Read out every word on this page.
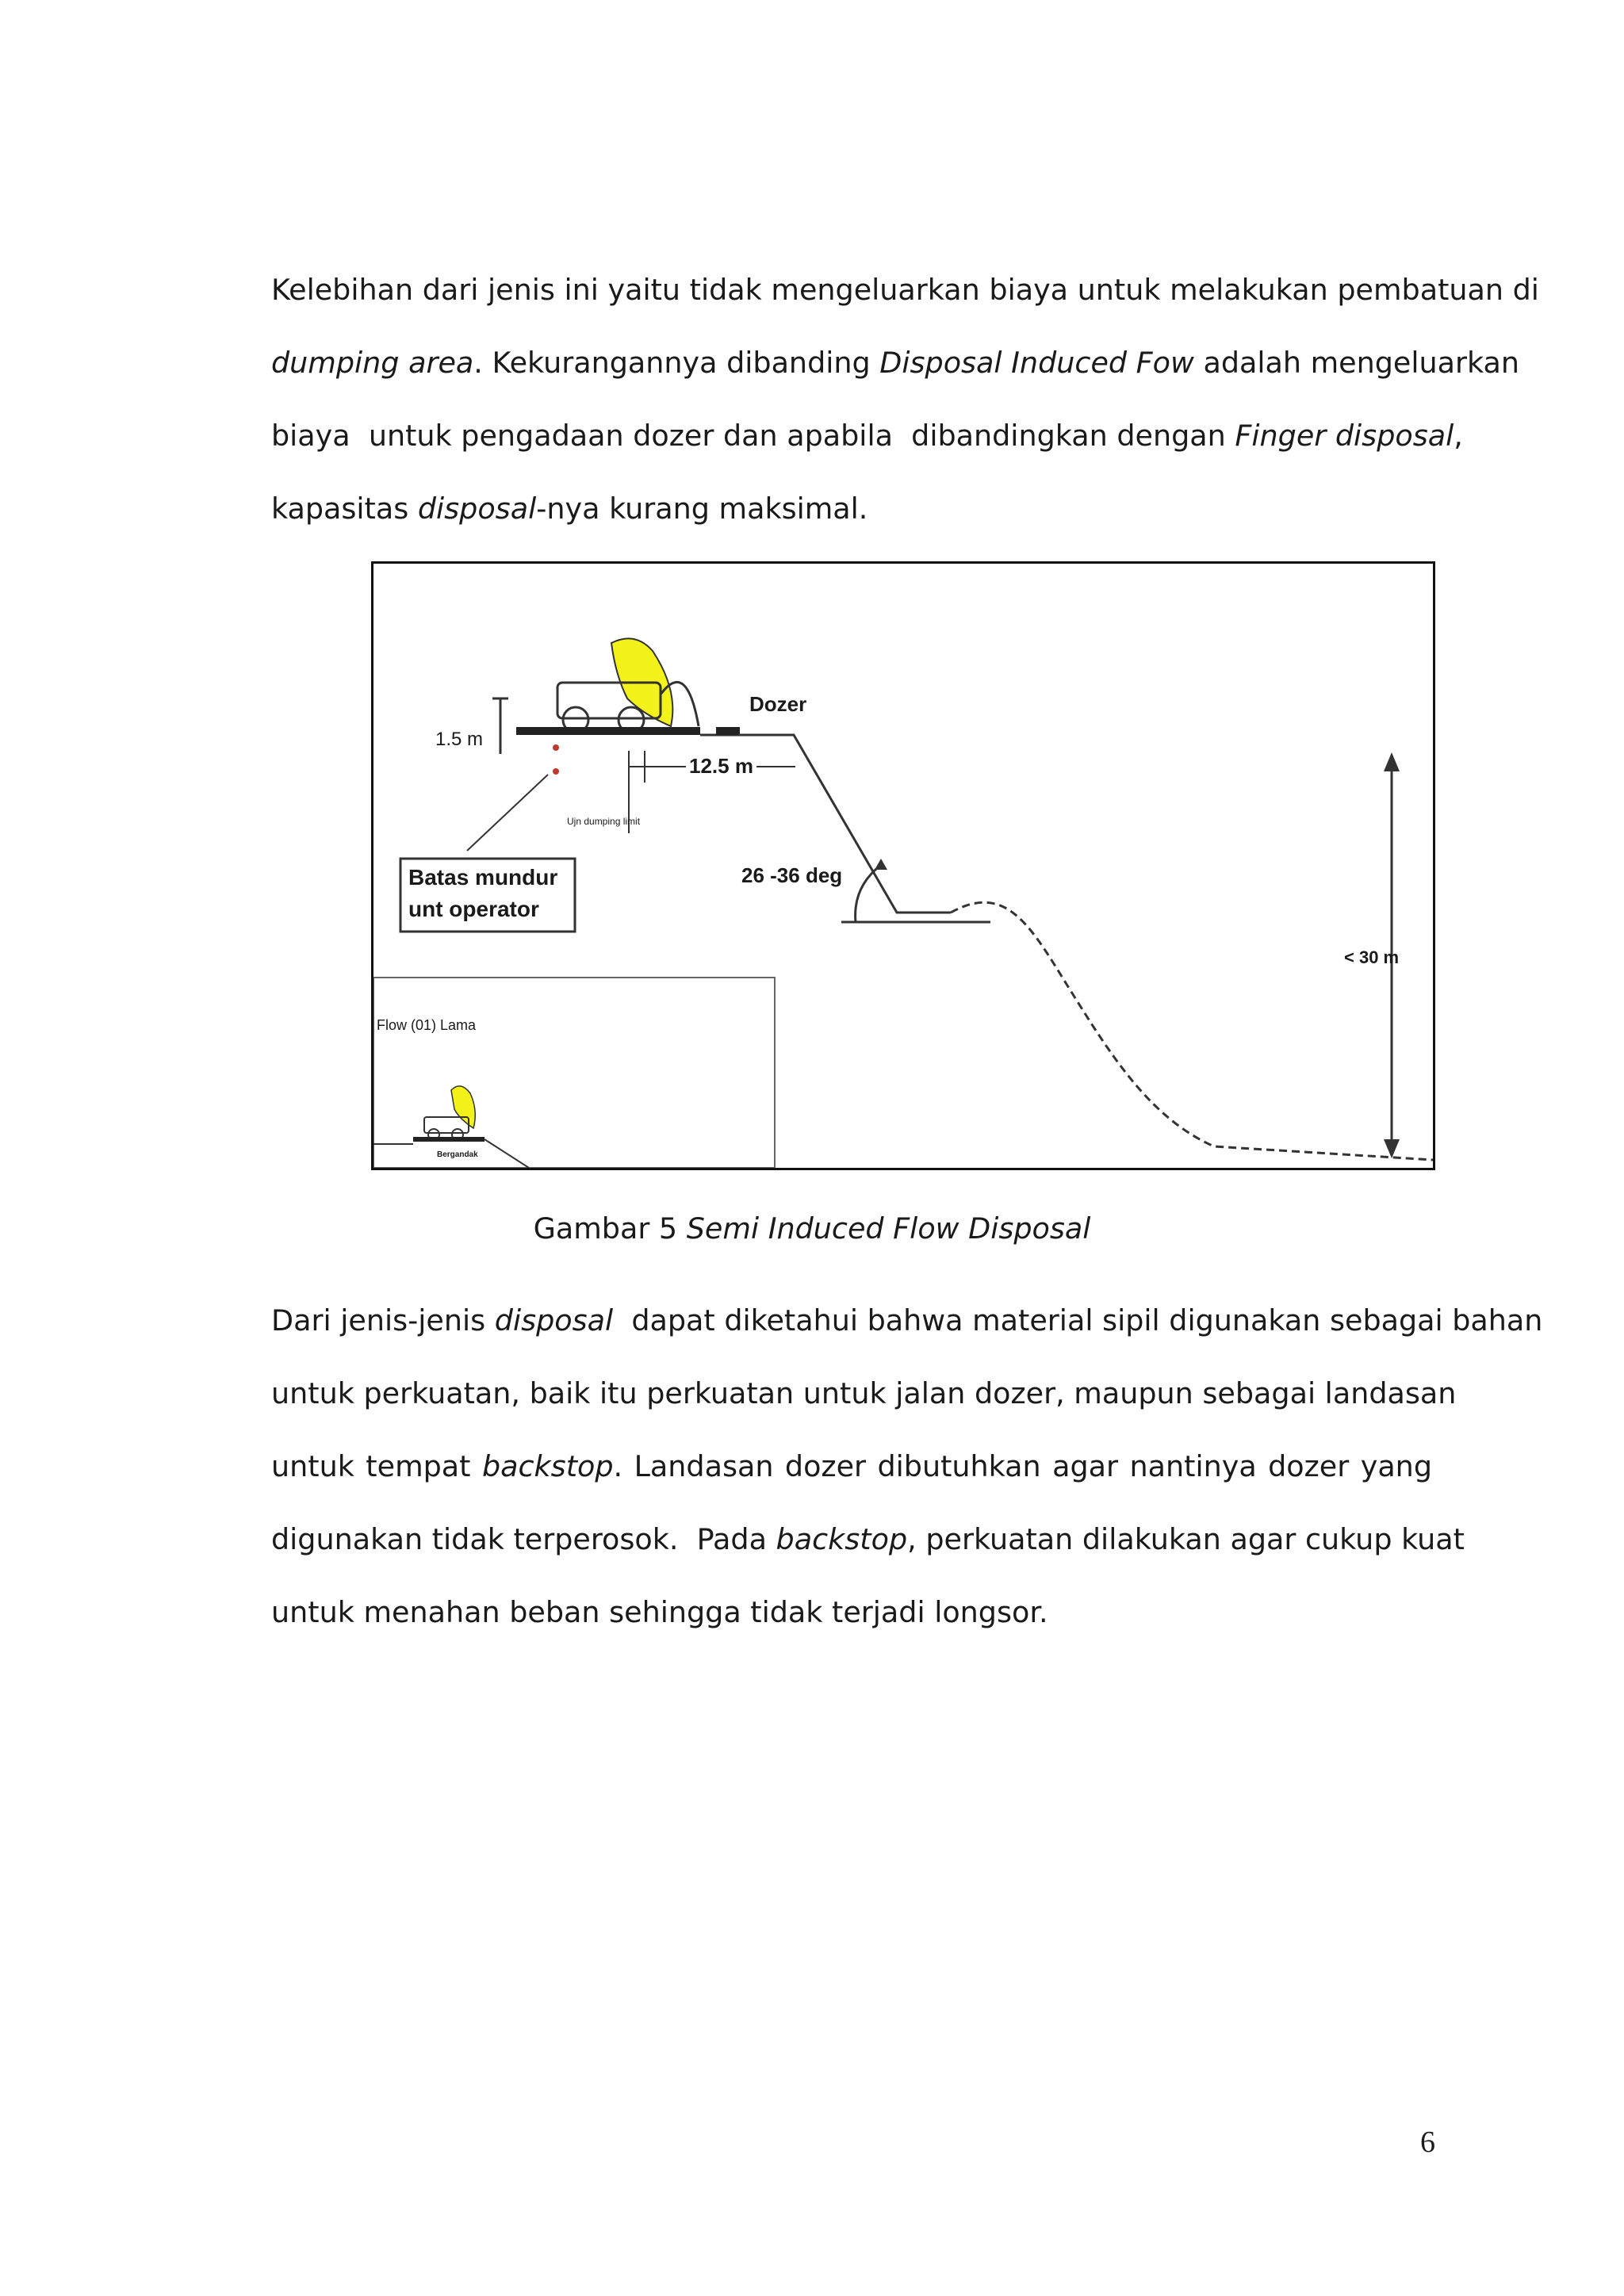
Kelebihan dari jenis ini yaitu tidak mengeluarkan biaya untuk melakukan pembatuan di
dumping area. Kekurangannya dibanding Disposal Induced Fow adalah mengeluarkan
biaya  untuk pengadaan dozer dan apabila  dibandingkan dengan Finger disposal,
kapasitas disposal-nya kurang maksimal.
1.5 m
Dozer
12.5 m
Ujn dumping limit
26 -36 deg
Batas mundur
unt operator
< 30 m
Flow (01) Lama
Bergandak
Gambar 5 Semi Induced Flow Disposal
Dari jenis-jenis disposal  dapat diketahui bahwa material sipil digunakan sebagai bahan
untuk perkuatan, baik itu perkuatan untuk jalan dozer, maupun sebagai landasan
untuk tempat backstop. Landasan dozer dibutuhkan agar nantinya dozer yang
digunakan tidak terperosok.  Pada backstop, perkuatan dilakukan agar cukup kuat
untuk menahan beban sehingga tidak terjadi longsor.
6
